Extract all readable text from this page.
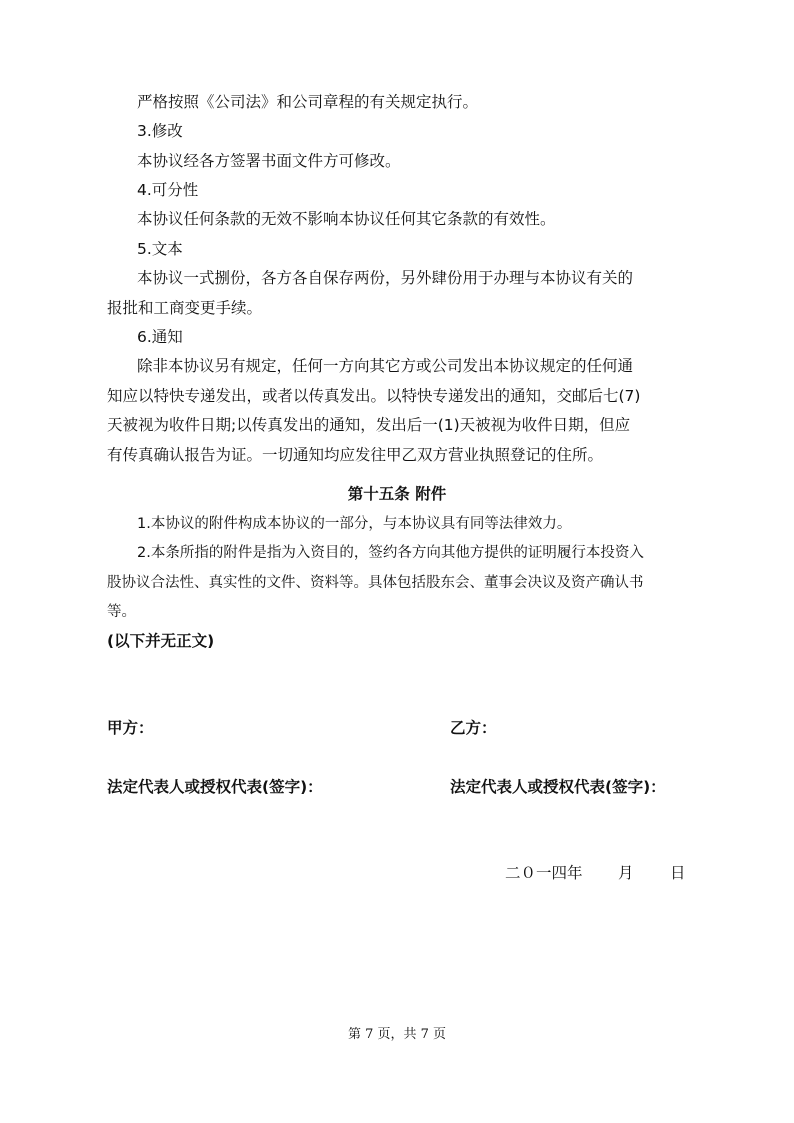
严格按照《公司法》和公司章程的有关规定执行。
3.修改
本协议经各方签署书面文件方可修改。
4.可分性
本协议任何条款的无效不影响本协议任何其它条款的有效性。
5.文本
本协议一式捌份，各方各自保存两份，另外肆份用于办理与本协议有关的
报批和工商变更手续。
6.通知
除非本协议另有规定，任何一方向其它方或公司发出本协议规定的任何通
知应以特快专递发出，或者以传真发出。以特快专递发出的通知，交邮后七(7)
天被视为收件日期;以传真发出的通知，发出后一(1)天被视为收件日期，但应
有传真确认报告为证。一切通知均应发往甲乙双方营业执照登记的住所。
第十五条 附件
1.本协议的附件构成本协议的一部分，与本协议具有同等法律效力。
2.本条所指的附件是指为入资目的，签约各方向其他方提供的证明履行本投资入
股协议合法性、真实性的文件、资料等。具体包括股东会、董事会决议及资产确认书
等。
(以下并无正文)
甲方：	乙方：
法定代表人或授权代表(签字)：	法定代表人或授权代表(签字)：
二０一四年 月 日
第 7 页，共 7 页
